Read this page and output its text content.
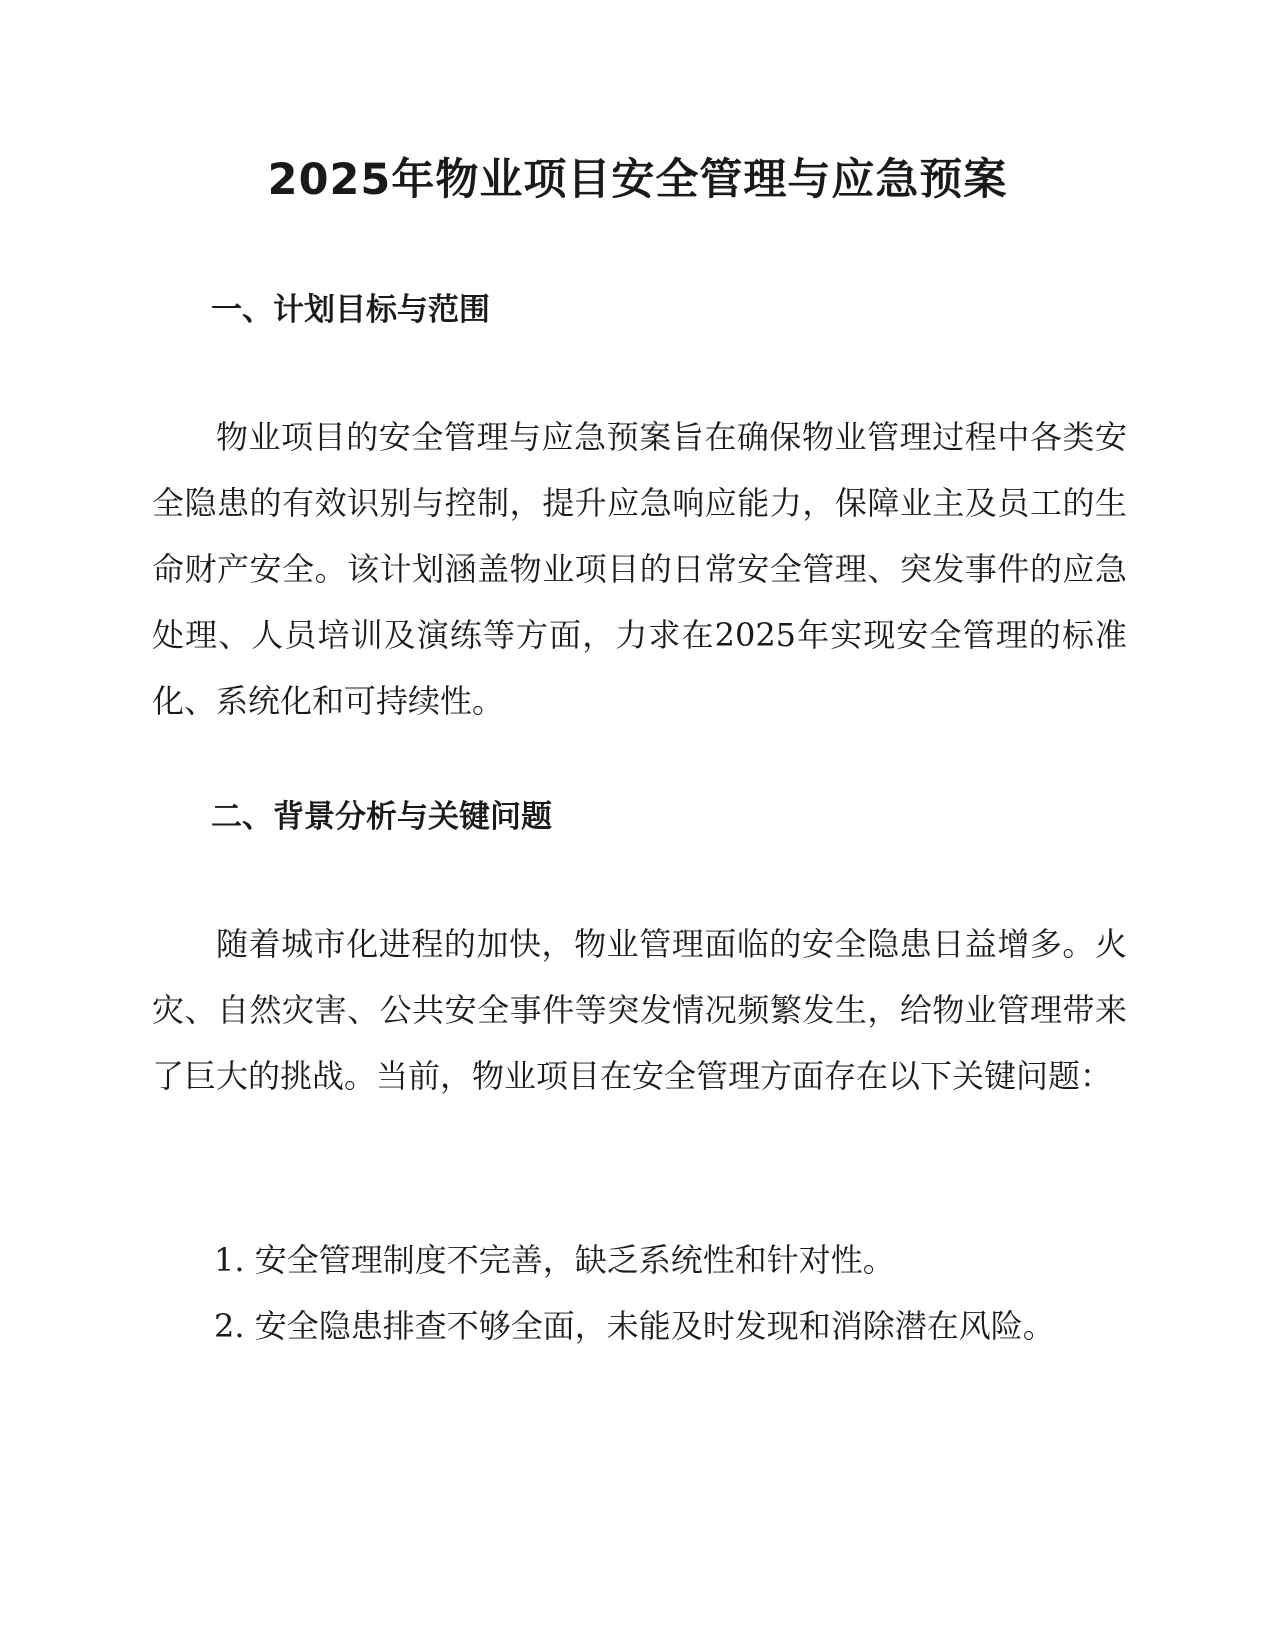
2025年物业项目安全管理与应急预案
一、计划目标与范围

物业项目的安全管理与应急预案旨在确保物业管理过程中各类安全隐患的有效识别与控制，提升应急响应能力，保障业主及员工的生命财产安全。该计划涵盖物业项目的日常安全管理、突发事件的应急处理、人员培训及演练等方面，力求在2025年实现安全管理的标准化、系统化和可持续性。

二、背景分析与关键问题

随着城市化进程的加快，物业管理面临的安全隐患日益增多。火灾、自然灾害、公共安全事件等突发情况频繁发生，给物业管理带来了巨大的挑战。当前，物业项目在安全管理方面存在以下关键问题：

1. 安全管理制度不完善，缺乏系统性和针对性。

2. 安全隐患排查不够全面，未能及时发现和消除潜在风险。
